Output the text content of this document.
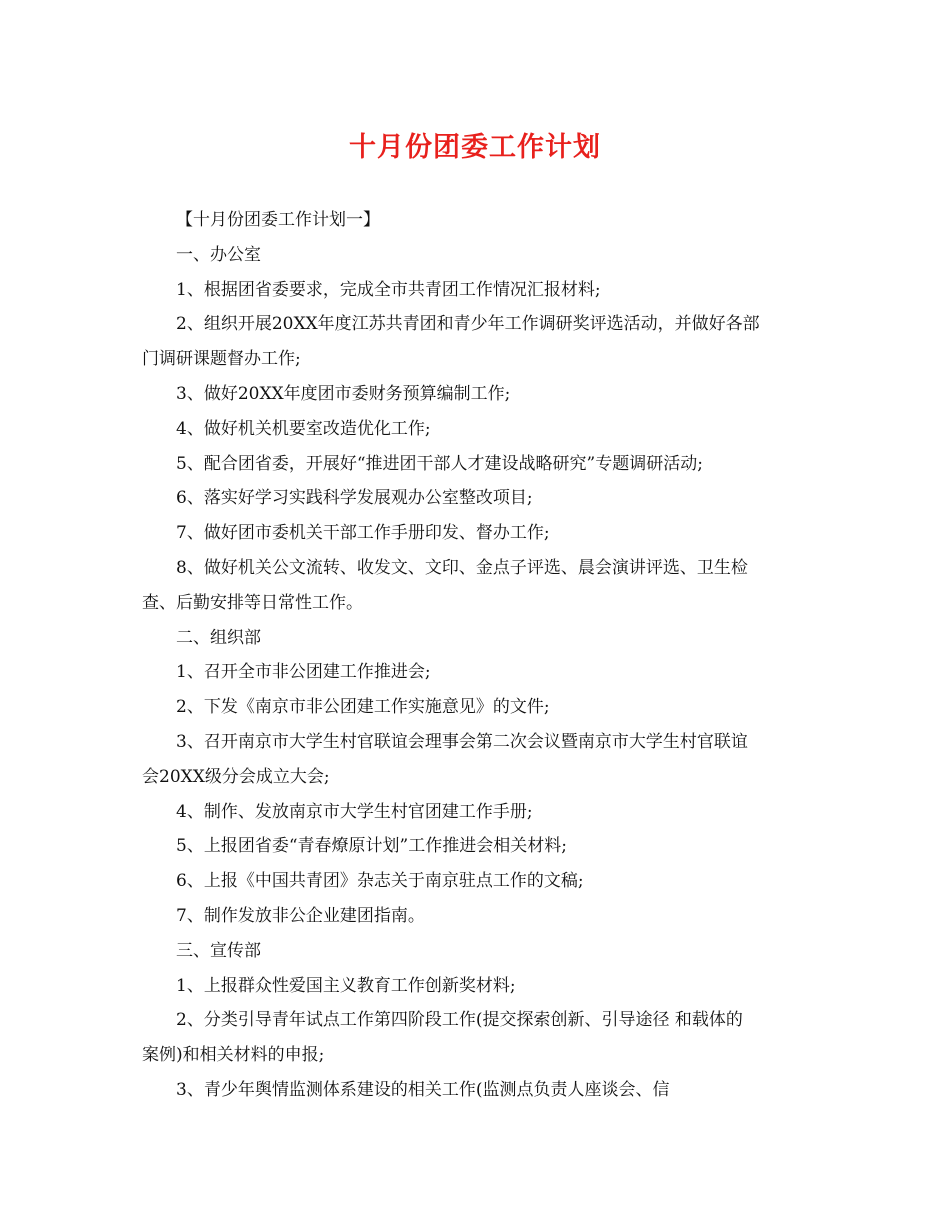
十月份团委工作计划

【十月份团委工作计划一】

一、办公室

1、根据团省委要求，完成全市共青团工作情况汇报材料;

2、组织开展20XX年度江苏共青团和青少年工作调研奖评选活动，并做好各部

门调研课题督办工作;

3、做好20XX年度团市委财务预算编制工作;

4、做好机关机要室改造优化工作;

5、配合团省委，开展好“推进团干部人才建设战略研究”专题调研活动;

6、落实好学习实践科学发展观办公室整改项目;

7、做好团市委机关干部工作手册印发、督办工作;

8、做好机关公文流转、收发文、文印、金点子评选、晨会演讲评选、卫生检

查、后勤安排等日常性工作。

二、组织部

1、召开全市非公团建工作推进会;

2、下发《南京市非公团建工作实施意见》的文件;

3、召开南京市大学生村官联谊会理事会第二次会议暨南京市大学生村官联谊

会20XX级分会成立大会;

4、制作、发放南京市大学生村官团建工作手册;

5、上报团省委“青春燎原计划”工作推进会相关材料;

6、上报《中国共青团》杂志关于南京驻点工作的文稿;

7、制作发放非公企业建团指南。

三、宣传部

1、上报群众性爱国主义教育工作创新奖材料;

2、分类引导青年试点工作第四阶段工作(提交探索创新、引导途径 和载体的

案例)和相关材料的申报;

3、青少年舆情监测体系建设的相关工作(监测点负责人座谈会、信
